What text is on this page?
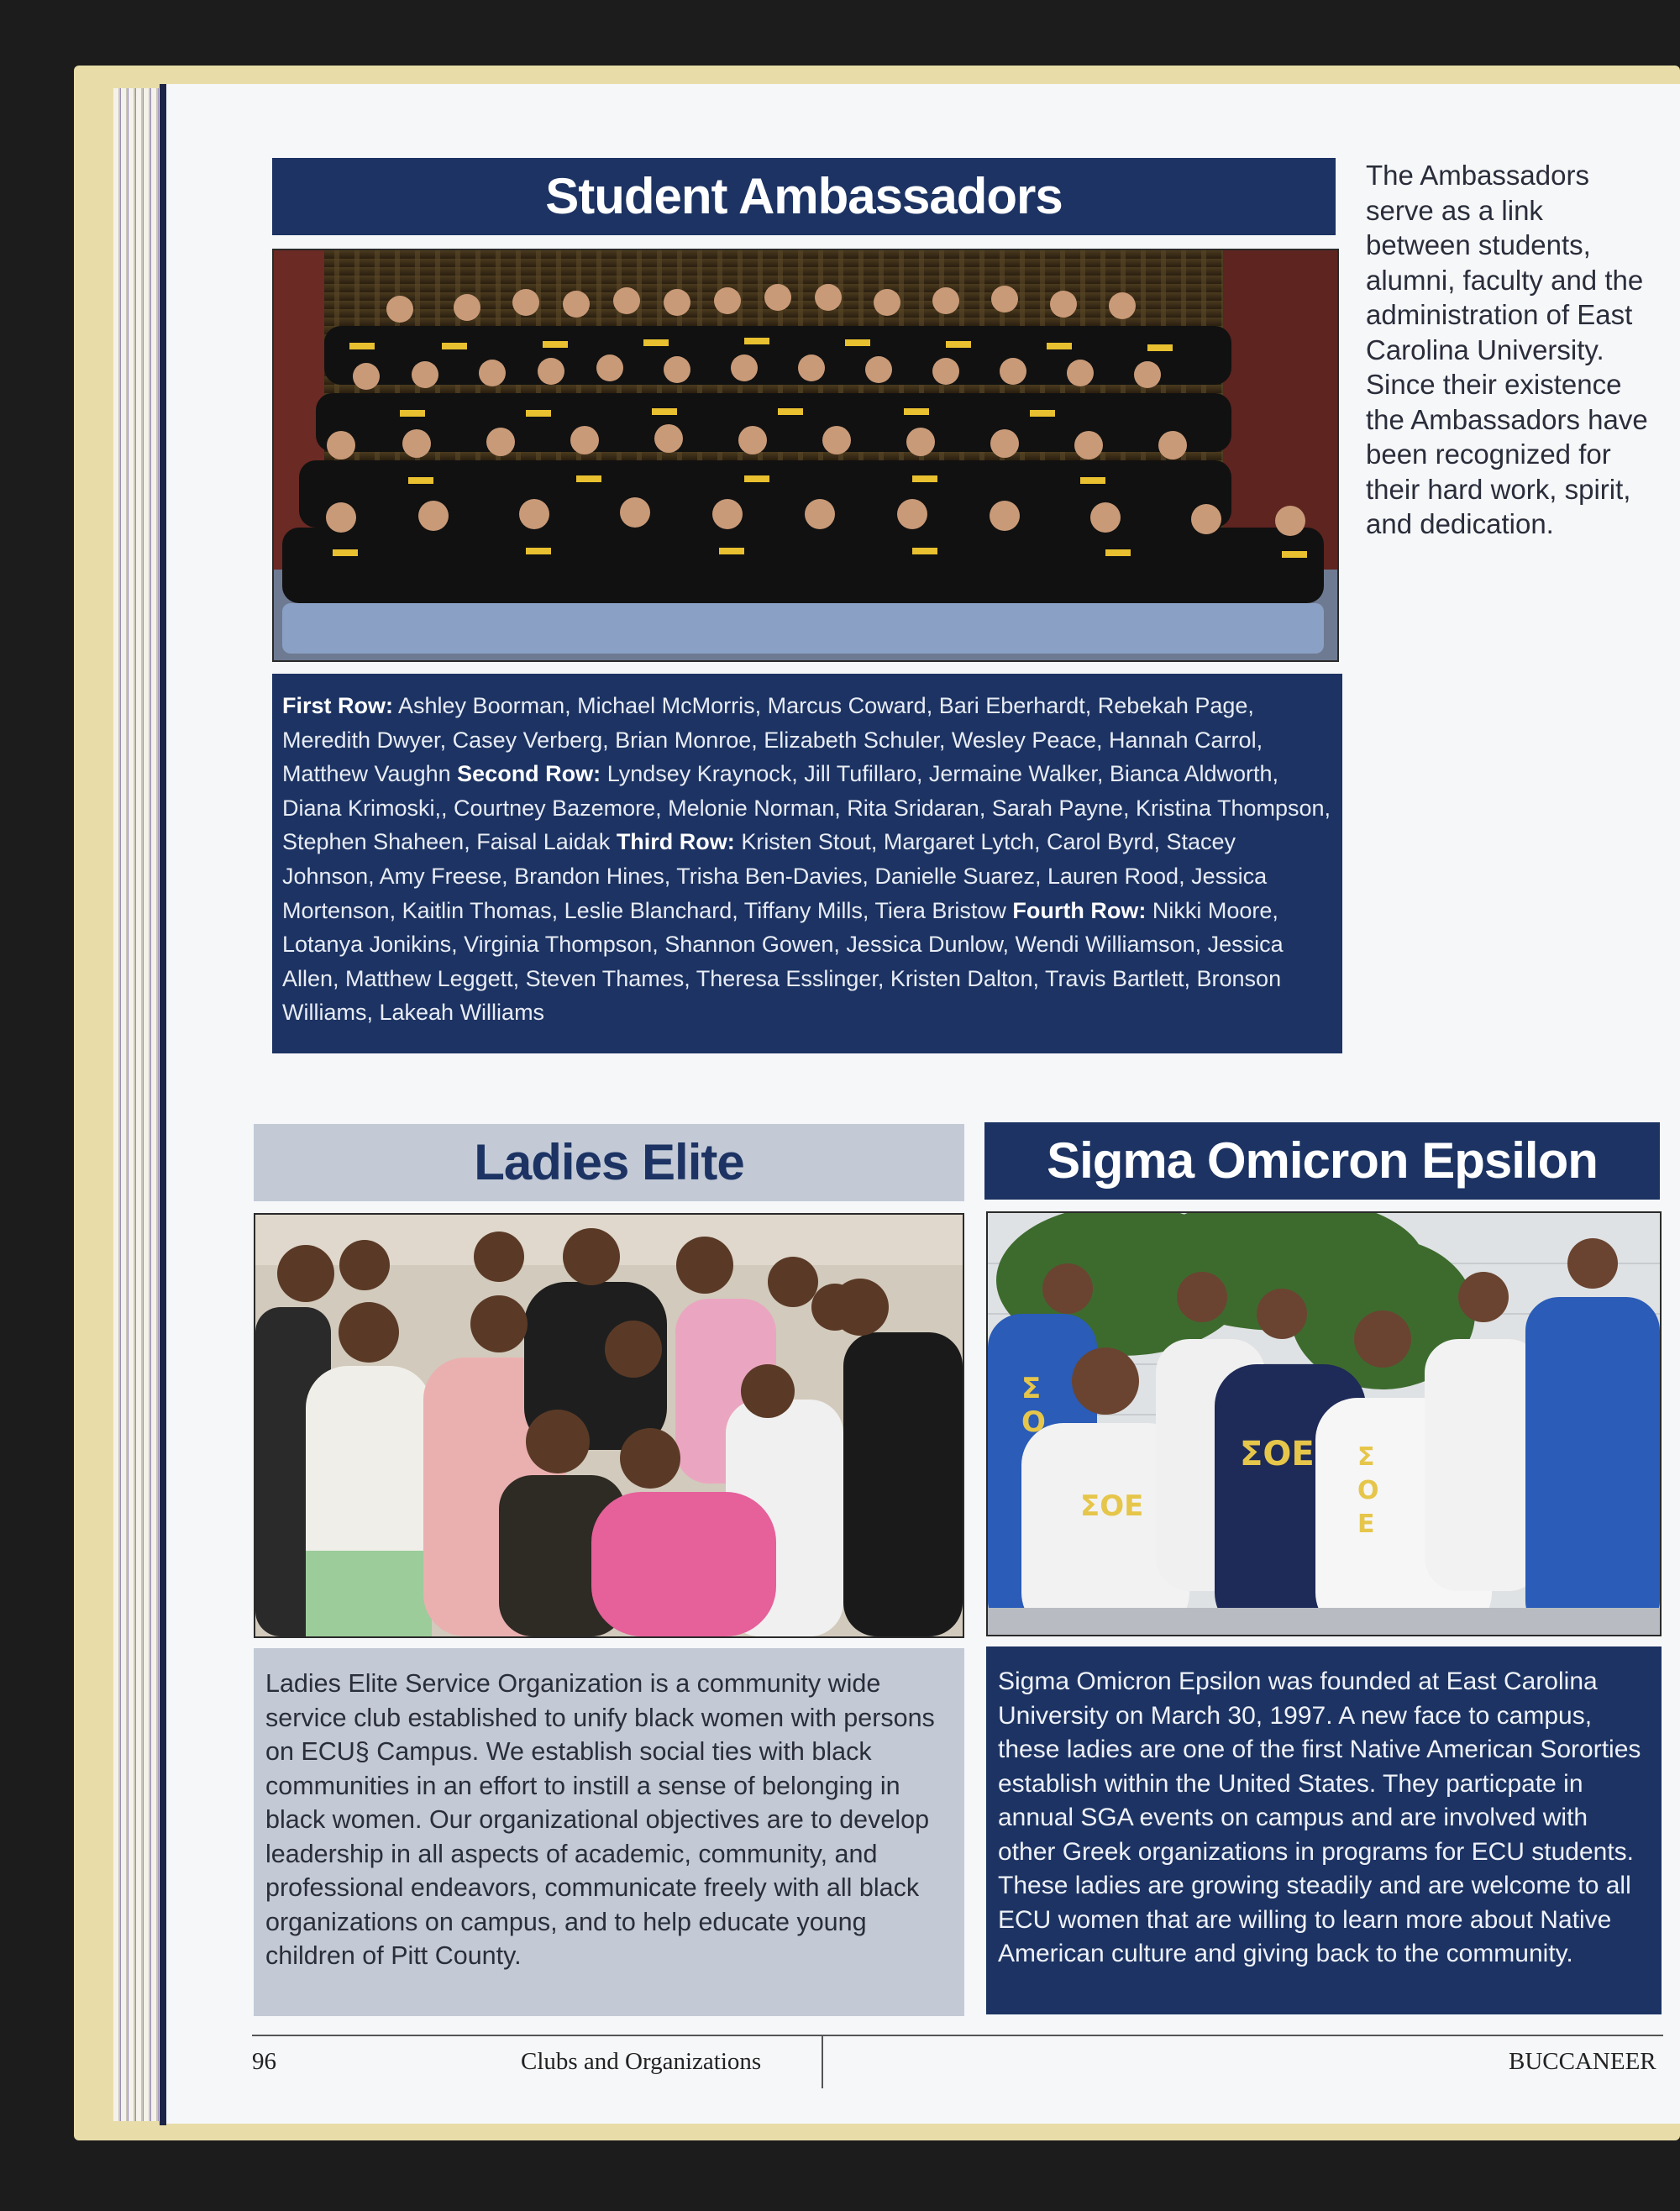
Student Ambassadors	The Ambassadors serve as a link between students, alumni, faculty and the administration of East Carolina University. Since their existence the Ambassadors have been recognized for their hard work, spirit, and dedication.
First Row: Ashley Boorman, Michael McMorris, Marcus Coward, Bari Eberhardt, Rebekah Page, Meredith Dwyer, Casey Verberg, Brian Monroe, Elizabeth Schuler, Wesley Peace, Hannah Carrol, Matthew Vaughn Second Row: Lyndsey Kraynock, Jill Tufillaro, Jermaine Walker, Bianca Aldworth, Diana Krimoski,, Courtney Bazemore, Melonie Norman, Rita Sridaran, Sarah Payne, Kristina Thompson, Stephen Shaheen, Faisal Laidak Third Row: Kristen Stout, Margaret Lytch, Carol Byrd, Stacey Johnson, Amy Freese, Brandon Hines, Trisha Ben-Davies, Danielle Suarez, Lauren Rood, Jessica Mortenson, Kaitlin Thomas, Leslie Blanchard, Tiffany Mills, Tiera Bristow Fourth Row: Nikki Moore, Lotanya Jonikins, Virginia Thompson, Shannon Gowen, Jessica Dunlow, Wendi Williamson, Jessica Allen, Matthew Leggett, Steven Thames, Theresa Esslinger, Kristen Dalton, Travis Bartlett, Bronson Williams, Lakeah Williams
Ladies Elite
Ladies Elite Service Organization is a community wide service club established to unify black women with persons on ECU§ Campus. We establish social ties with black communities in an effort to instill a sense of belonging in black women. Our organizational objectives are to develop leadership in all aspects of academic, community, and professional endeavors, communicate freely with all black organizations on campus, and to help educate young children of Pitt County.
Sigma Omicron Epsilon
ΣΟΕ
ΣΟΕ Σ
Ο
Ε
Σ
Ο
Sigma Omicron Epsilon was founded at East Carolina University on March 30, 1997. A new face to campus, these ladies are one of the first Native American Sororties establish within the United States. They particpate in annual SGA events on campus and are involved with other Greek organizations in programs for ECU students. These ladies are growing steadily and are welcome to all ECU women that are willing to learn more about Native American culture and giving back to the community.
96	Clubs and Organizations	BUCCANEER
